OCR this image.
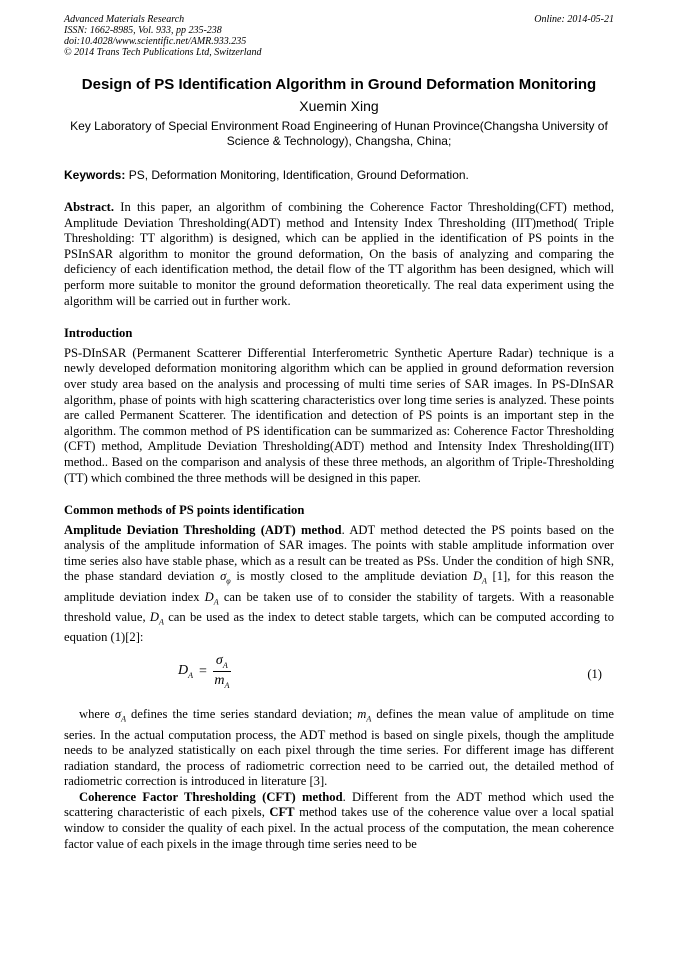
Advanced Materials Research
ISSN: 1662-8985, Vol. 933, pp 235-238
doi:10.4028/www.scientific.net/AMR.933.235
© 2014 Trans Tech Publications Ltd, Switzerland
Online: 2014-05-21
Design of PS Identification Algorithm in Ground Deformation Monitoring
Xuemin Xing
Key Laboratory of Special Environment Road Engineering of Hunan Province(Changsha University of Science & Technology), Changsha, China;
Keywords: PS, Deformation Monitoring, Identification, Ground Deformation.

Abstract. In this paper, an algorithm of combining the Coherence Factor Thresholding(CFT) method, Amplitude Deviation Thresholding(ADT) method and Intensity Index Thresholding (IIT)method( Triple Thresholding: TT algorithm) is designed, which can be applied in the identification of PS points in the PSInSAR algorithm to monitor the ground deformation, On the basis of analyzing and comparing the deficiency of each identification method, the detail flow of the TT algorithm has been designed, which will perform more suitable to monitor the ground deformation theoretically. The real data experiment using the algorithm will be carried out in further work.

Introduction

PS-DInSAR (Permanent Scatterer Differential Interferometric Synthetic Aperture Radar) technique is a newly developed deformation monitoring algorithm which can be applied in ground deformation reversion over study area based on the analysis and processing of multi time series of SAR images. In PS-DInSAR algorithm, phase of points with high scattering characteristics over long time series is analyzed. These points are called Permanent Scatterer. The identification and detection of PS points is an important step in the algorithm. The common method of PS identification can be summarized as: Coherence Factor Thresholding (CFT) method, Amplitude Deviation Thresholding(ADT) method and Intensity Index Thresholding(IIT) method.. Based on the comparison and analysis of these three methods, an algorithm of Triple-Thresholding (TT) which combined the three methods will be designed in this paper.

Common methods of PS points identification

Amplitude Deviation Thresholding (ADT) method. ADT method detected the PS points based on the analysis of the amplitude information of SAR images. The points with stable amplitude information over time series also have stable phase, which as a result can be treated as PSs. Under the condition of high SNR, the phase standard deviation $\sigma_\varphi$ is mostly closed to the amplitude deviation $D_A$ [1], for this reason the amplitude deviation index $D_A$ can be taken use of to consider the stability of targets. With a reasonable threshold value, $D_A$ can be used as the index to detect stable targets, which can be computed according to equation (1)[2]:

$D_A = \frac{\sigma_A}{m_A}$	(1)

where $\sigma_A$ defines the time series standard deviation; $m_A$ defines the mean value of amplitude on time series. In the actual computation process, the ADT method is based on single pixels, though the amplitude needs to be analyzed statistically on each pixel through the time series. For different image has different radiation standard, the process of radiometric correction need to be carried out, the detailed method of radiometric correction is introduced in literature [3].

Coherence Factor Thresholding (CFT) method. Different from the ADT method which used the scattering characteristic of each pixels, CFT method takes use of the coherence value over a local spatial window to consider the quality of each pixel. In the actual process of the computation, the mean coherence factor value of each pixels in the image through time series need to be
